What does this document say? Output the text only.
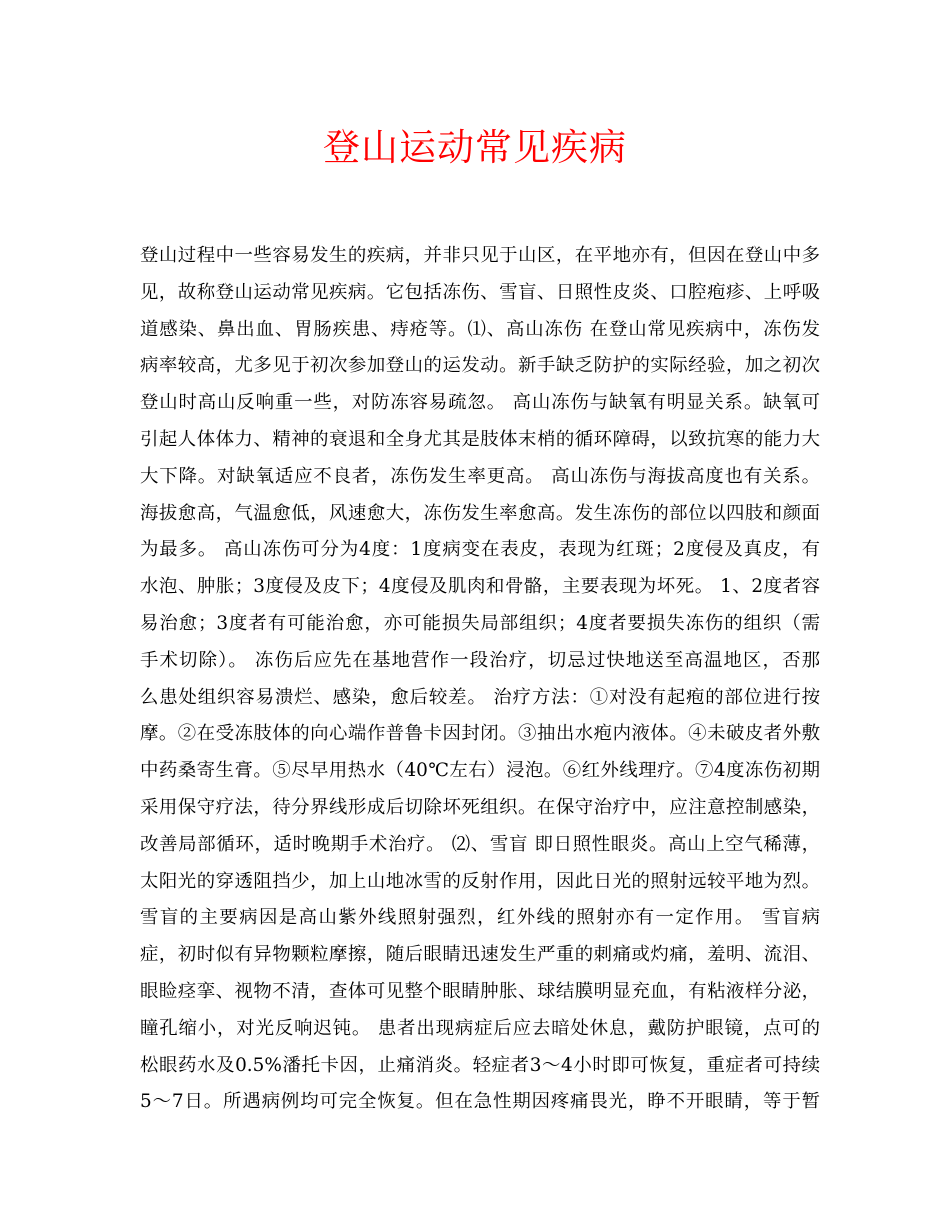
登山运动常见疾病
登山过程中一些容易发生的疾病，并非只见于山区，在平地亦有，但因在登山中多
见，故称登山运动常见疾病。它包括冻伤、雪盲、日照性皮炎、口腔疱疹、上呼吸
道感染、鼻出血、胃肠疾患、痔疮等。⑴、高山冻伤 在登山常见疾病中，冻伤发
病率较高，尤多见于初次参加登山的运发动。新手缺乏防护的实际经验，加之初次
登山时高山反响重一些，对防冻容易疏忽。 高山冻伤与缺氧有明显关系。缺氧可
引起人体体力、精神的衰退和全身尤其是肢体末梢的循环障碍，以致抗寒的能力大
大下降。对缺氧适应不良者，冻伤发生率更高。 高山冻伤与海拔高度也有关系。
海拔愈高，气温愈低，风速愈大，冻伤发生率愈高。发生冻伤的部位以四肢和颜面
为最多。 高山冻伤可分为4度：1度病变在表皮，表现为红斑；2度侵及真皮，有
水泡、肿胀；3度侵及皮下；4度侵及肌肉和骨骼，主要表现为坏死。 1、2度者容
易治愈；3度者有可能治愈，亦可能损失局部组织；4度者要损失冻伤的组织（需
手术切除）。 冻伤后应先在基地营作一段治疗，切忌过快地送至高温地区，否那
么患处组织容易溃烂、感染，愈后较差。 治疗方法：①对没有起疱的部位进行按
摩。②在受冻肢体的向心端作普鲁卡因封闭。③抽出水疱内液体。④未破皮者外敷
中药桑寄生膏。⑤尽早用热水（40℃左右）浸泡。⑥红外线理疗。⑦4度冻伤初期
采用保守疗法，待分界线形成后切除坏死组织。在保守治疗中，应注意控制感染，
改善局部循环，适时晚期手术治疗。 ⑵、雪盲 即日照性眼炎。高山上空气稀薄，
太阳光的穿透阻挡少，加上山地冰雪的反射作用，因此日光的照射远较平地为烈。
雪盲的主要病因是高山紫外线照射强烈，红外线的照射亦有一定作用。 雪盲病
症，初时似有异物颗粒摩擦，随后眼睛迅速发生严重的刺痛或灼痛，羞明、流泪、
眼睑痉挛、视物不清，查体可见整个眼睛肿胀、球结膜明显充血，有粘液样分泌，
瞳孔缩小，对光反响迟钝。 患者出现病症后应去暗处休息，戴防护眼镜，点可的
松眼药水及0.5%潘托卡因，止痛消炎。轻症者3～4小时即可恢复，重症者可持续
5～7日。所遇病例均可完全恢复。但在急性期因疼痛畏光，睁不开眼睛，等于暂
